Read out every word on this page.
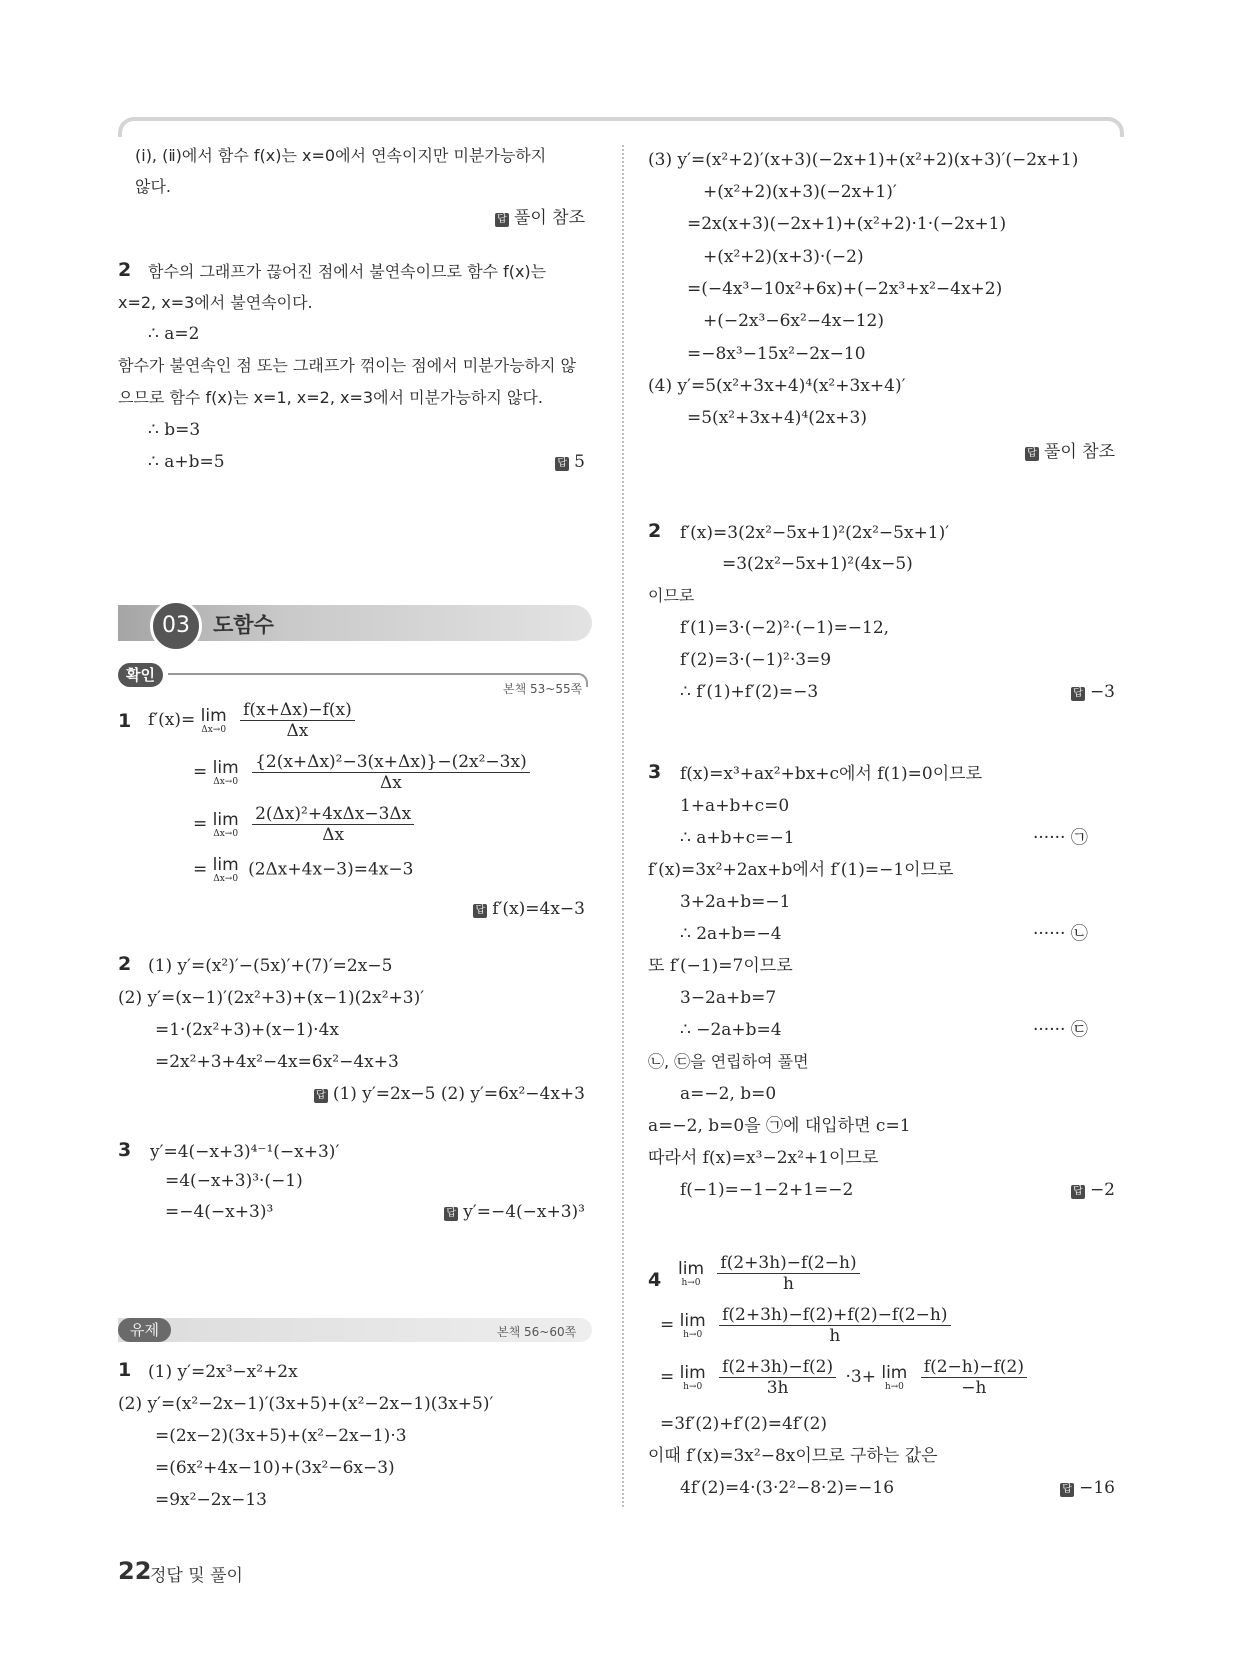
(ⅰ), (ⅱ)에서 함수 f(x)는 x=0에서 연속이지만 미분가능하지
않다.
답 풀이 참조
2 함수의 그래프가 끊어진 점에서 불연속이므로 함수 f(x)는
x=2, x=3에서 불연속이다.
∴ a=2
함수가 불연속인 점 또는 그래프가 꺾이는 점에서 미분가능하지 않
으므로 함수 f(x)는 x=1, x=2, x=3에서 미분가능하지 않다.
∴ b=3
∴ a+b=5	답 5
03	도함수
확인
본책 53~55쪽
1 f′(x)= lim
Δx→0
$\frac{f(x+\Delta x)-f(x)}{\Delta x}$
= lim
Δx→0
$\frac{\text{\{2(x+Δx)²−3(x+Δx)\}−(2x²−3x)}}{\Delta x}$
= lim
Δx→0
$\frac{\text{2(Δx)²+4xΔx−3Δx}}{\Delta x}$
= lim
Δx→0 (2Δx+4x−3)=4x−3
답 f′(x)=4x−3
2 (1) y′=(x²)′−(5x)′+(7)′=2x−5
(2) y′=(x−1)′(2x²+3)+(x−1)(2x²+3)′
=1·(2x²+3)+(x−1)·4x
=2x²+3+4x²−4x=6x²−4x+3
답 (1) y′=2x−5 (2) y′=6x²−4x+3
3 y′=4(−x+3)⁴⁻¹(−x+3)′
=4(−x+3)³·(−1)
=−4(−x+3)³	답 y′=−4(−x+3)³
유제	본책 56~60쪽
1 (1) y′=2x³−x²+2x
(2) y′=(x²−2x−1)′(3x+5)+(x²−2x−1)(3x+5)′
=(2x−2)(3x+5)+(x²−2x−1)·3
=(6x²+4x−10)+(3x²−6x−3)
=9x²−2x−13
(3) y′=(x²+2)′(x+3)(−2x+1)+(x²+2)(x+3)′(−2x+1)
+(x²+2)(x+3)(−2x+1)′
=2x(x+3)(−2x+1)+(x²+2)·1·(−2x+1)
+(x²+2)(x+3)·(−2)
=(−4x³−10x²+6x)+(−2x³+x²−4x+2)
+(−2x³−6x²−4x−12)
=−8x³−15x²−2x−10
(4) y′=5(x²+3x+4)⁴(x²+3x+4)′
=5(x²+3x+4)⁴(2x+3)
답 풀이 참조
2 f′(x)=3(2x²−5x+1)²(2x²−5x+1)′
=3(2x²−5x+1)²(4x−5)
이므로
f′(1)=3·(−2)²·(−1)=−12,
f′(2)=3·(−1)²·3=9
∴ f′(1)+f′(2)=−3	답 −3
3 f(x)=x³+ax²+bx+c에서 f(1)=0이므로
1+a+b+c=0
∴ a+b+c=−1	······ ㉠
f′(x)=3x²+2ax+b에서 f′(1)=−1이므로
3+2a+b=−1
∴ 2a+b=−4	······ ㉡
또 f′(−1)=7이므로
3−2a+b=7
∴ −2a+b=4	······ ㉢
㉡, ㉢을 연립하여 풀면
a=−2, b=0
a=−2, b=0을 ㉠에 대입하면 c=1
따라서 f(x)=x³−2x²+1이므로
f(−1)=−1−2+1=−2	답 −2
4
lim
h→0
$\frac{f(2+3h)-f(2-h)}{h}$
= lim
h→0
$\frac{f(2+3h)-f(2)+f(2)-f(2-h)}{h}$
= lim
h→0
$\frac{f(2+3h)-f(2)}{3h} \cdot 3+ \lim$
h→0
$\frac{f(2-h)-f(2)}{-h}$
=3f′(2)+f′(2)=4f′(2)
이때 f′(x)=3x²−8x이므로 구하는 값은
4f′(2)=4·(3·2²−8·2)=−16	답 −16
22
정답 및 풀이
